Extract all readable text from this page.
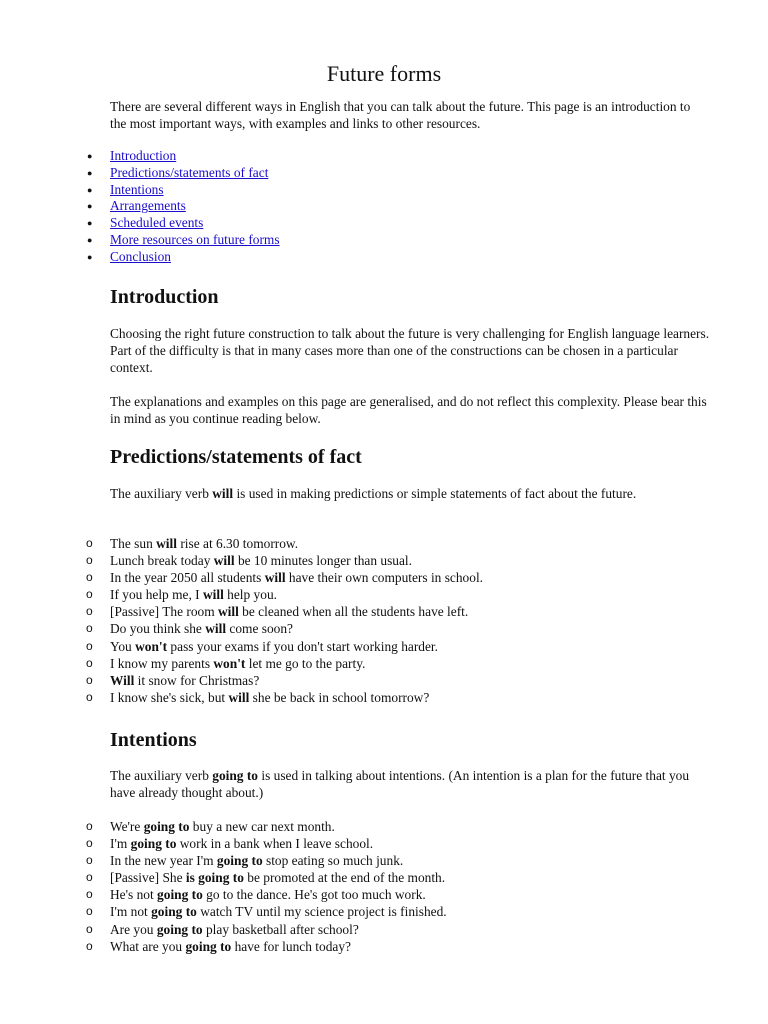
Future forms

There are several different ways in English that you can talk about the future. This page is an introduction to the most important ways, with examples and links to other resources.

● Introduction
● Predictions/statements of fact
● Intentions
● Arrangements
● Scheduled events
● More resources on future forms
● Conclusion
Introduction

Choosing the right future construction to talk about the future is very challenging for English language learners. Part of the difficulty is that in many cases more than one of the constructions can be chosen in a particular context.

The explanations and examples on this page are generalised, and do not reflect this complexity. Please bear this in mind as you continue reading below.

Predictions/statements of fact

The auxiliary verb will is used in making predictions or simple statements of fact about the future.

o The sun will rise at 6.30 tomorrow.
o Lunch break today will be 10 minutes longer than usual.
o In the year 2050 all students will have their own computers in school.
o If you help me, I will help you.
o [Passive] The room will be cleaned when all the students have left.
o Do you think she will come soon?
o You won't pass your exams if you don't start working harder.
o I know my parents won't let me go to the party.
o Will it snow for Christmas?
o I know she's sick, but will she be back in school tomorrow?
Intentions

The auxiliary verb going to is used in talking about intentions. (An intention is a plan for the future that you have already thought about.)

o We're going to buy a new car next month.
o I'm going to work in a bank when I leave school.
o In the new year I'm going to stop eating so much junk.
o [Passive] She is going to be promoted at the end of the month.
o He's not going to go to the dance. He's got too much work.
o I'm not going to watch TV until my science project is finished.
o Are you going to play basketball after school?
o What are you going to have for lunch today?
